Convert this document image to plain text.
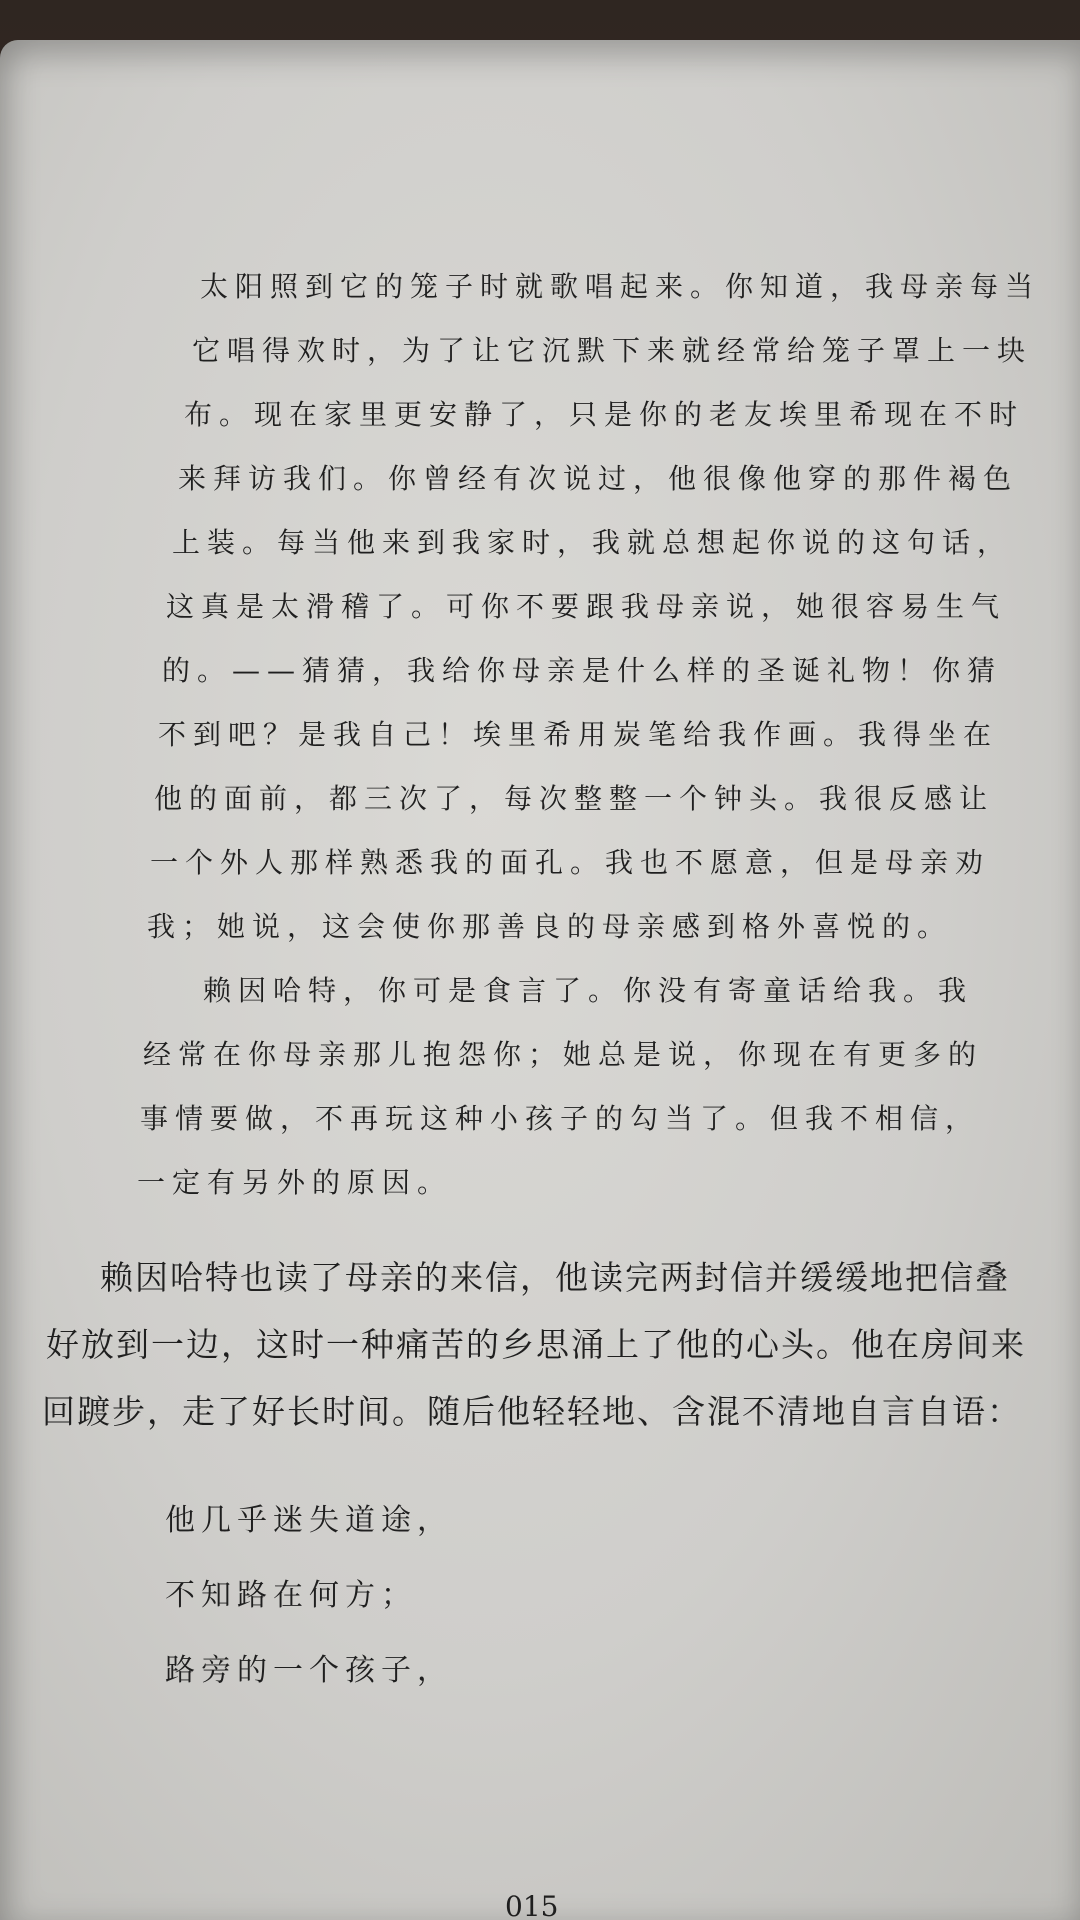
太阳照到它的笼子时就歌唱起来。你知道，我母亲每当
它唱得欢时，为了让它沉默下来就经常给笼子罩上一块
布。现在家里更安静了，只是你的老友埃里希现在不时
来拜访我们。你曾经有次说过，他很像他穿的那件褐色
上装。每当他来到我家时，我就总想起你说的这句话，
这真是太滑稽了。可你不要跟我母亲说，她很容易生气
的。——猜猜，我给你母亲是什么样的圣诞礼物！你猜
不到吧？是我自己！埃里希用炭笔给我作画。我得坐在
他的面前，都三次了，每次整整一个钟头。我很反感让
一个外人那样熟悉我的面孔。我也不愿意，但是母亲劝
我；她说，这会使你那善良的母亲感到格外喜悦的。
赖因哈特，你可是食言了。你没有寄童话给我。我
经常在你母亲那儿抱怨你；她总是说，你现在有更多的
事情要做，不再玩这种小孩子的勾当了。但我不相信，
一定有另外的原因。
赖因哈特也读了母亲的来信，他读完两封信并缓缓地把信叠
好放到一边，这时一种痛苦的乡思涌上了他的心头。他在房间来
回踱步，走了好长时间。随后他轻轻地、含混不清地自言自语：
他几乎迷失道途，
不知路在何方；
路旁的一个孩子，
015
